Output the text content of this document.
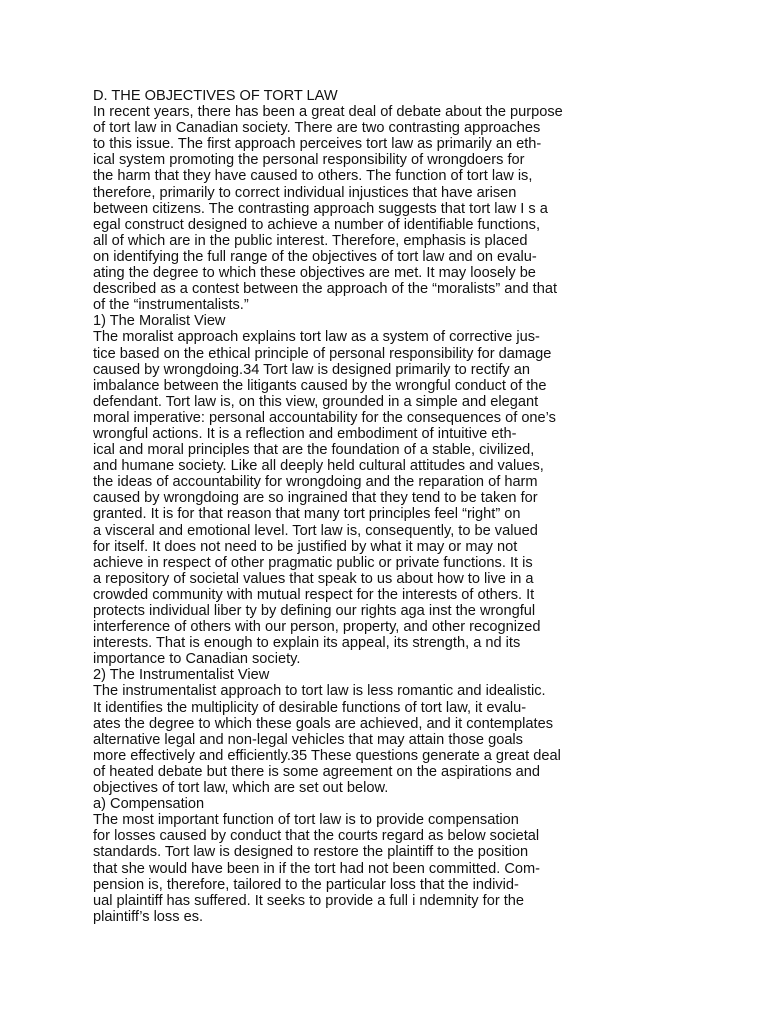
D. THE OBJECTIVES OF TORT LAW
In recent years, there has been a great deal of debate about the purpose
of tort law in Canadian society. There are two contrasting approaches
to this issue. The first approach perceives tort law as primarily an eth-
ical system promoting the personal responsibility of wrongdoers for
the harm that they have caused to others. The function of tort law is,
therefore, primarily to correct individual injustices that have arisen
between citizens. The contrasting approach suggests that tort law I s a
egal construct designed to achieve a number of identifiable functions,
all of which are in the public interest. Therefore, emphasis is placed
on identifying the full range of the objectives of tort law and on evalu-
ating the degree to which these objectives are met. It may loosely be
described as a contest between the approach of the “moralists” and that
of the “instrumentalists.”
1) The Moralist View
The moralist approach explains tort law as a system of corrective jus-
tice based on the ethical principle of personal responsibility for damage
caused by wrongdoing.34 Tort law is designed primarily to rectify an
imbalance between the litigants caused by the wrongful conduct of the
defendant. Tort law is, on this view, grounded in a simple and elegant
moral imperative: personal accountability for the consequences of one’s
wrongful actions. It is a reflection and embodiment of intuitive eth-
ical and moral principles that are the foundation of a stable, civilized,
and humane society. Like all deeply held cultural attitudes and values,
the ideas of accountability for wrongdoing and the reparation of harm
caused by wrongdoing are so ingrained that they tend to be taken for
granted. It is for that reason that many tort principles feel “right” on
a visceral and emotional level. Tort law is, consequently, to be valued
for itself. It does not need to be justified by what it may or may not
achieve in respect of other pragmatic public or private functions. It is
a repository of societal values that speak to us about how to live in a
crowded community with mutual respect for the interests of others. It
protects individual liber ty by defining our rights aga inst the wrongful
interference of others with our person, property, and other recognized
interests. That is enough to explain its appeal, its strength, a nd its
importance to Canadian society.
2) The Instrumentalist View
The instrumentalist approach to tort law is less romantic and idealistic.
It identifies the multiplicity of desirable functions of tort law, it evalu-
ates the degree to which these goals are achieved, and it contemplates
alternative legal and non-legal vehicles that may attain those goals
more effectively and efficiently.35 These questions generate a great deal
of heated debate but there is some agreement on the aspirations and
objectives of tort law, which are set out below.
a) Compensation
The most important function of tort law is to provide compensation
for losses caused by conduct that the courts regard as below societal
standards. Tort law is designed to restore the plaintiff to the position
that she would have been in if the tort had not been committed. Com-
pension is, therefore, tailored to the particular loss that the individ-
ual plaintiff has suffered. It seeks to provide a full i ndemnity for the
plaintiff’s loss es.
